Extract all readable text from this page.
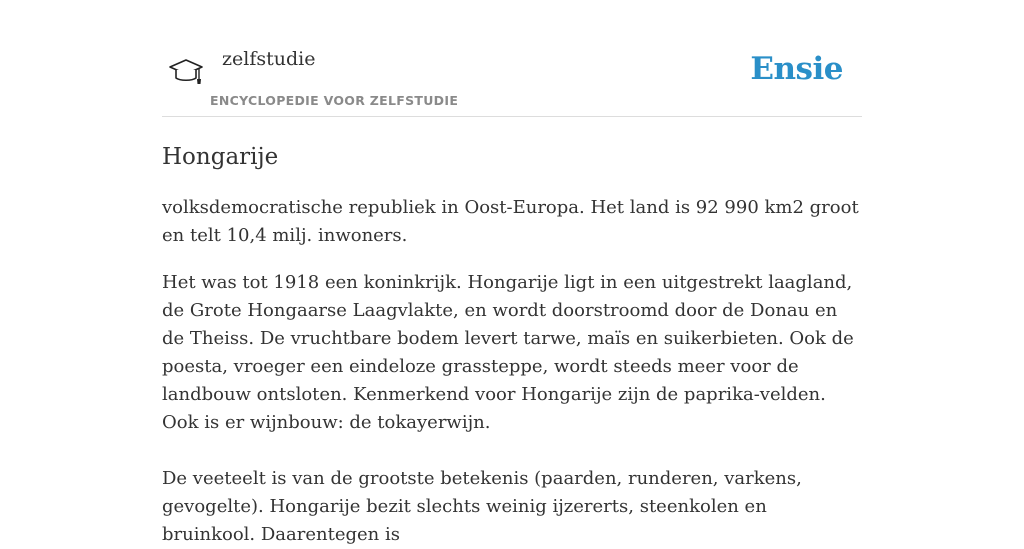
zelfstudie
ENCYCLOPEDIE VOOR ZELFSTUDIE
Ensie
Hongarije

volksdemocratische republiek in Oost-Europa. Het land is 92 990 km2 groot en telt 10,4 milj. inwoners.

Het was tot 1918 een koninkrijk. Hongarije ligt in een uitgestrekt laagland, de Grote Hongaarse Laagvlakte, en wordt doorstroomd door de Donau en de Theiss. De vruchtbare bodem levert tarwe, maïs en suikerbieten. Ook de poesta, vroeger een eindeloze grassteppe, wordt steeds meer voor de landbouw ontsloten. Kenmerkend voor Hongarije zijn de paprika-velden. Ook is er wijnbouw: de tokayerwijn.

De veeteelt is van de grootste betekenis (paarden, runderen, varkens, gevogelte). Hongarije bezit slechts weinig ijzererts, steenkolen en bruinkool. Daarentegen is
